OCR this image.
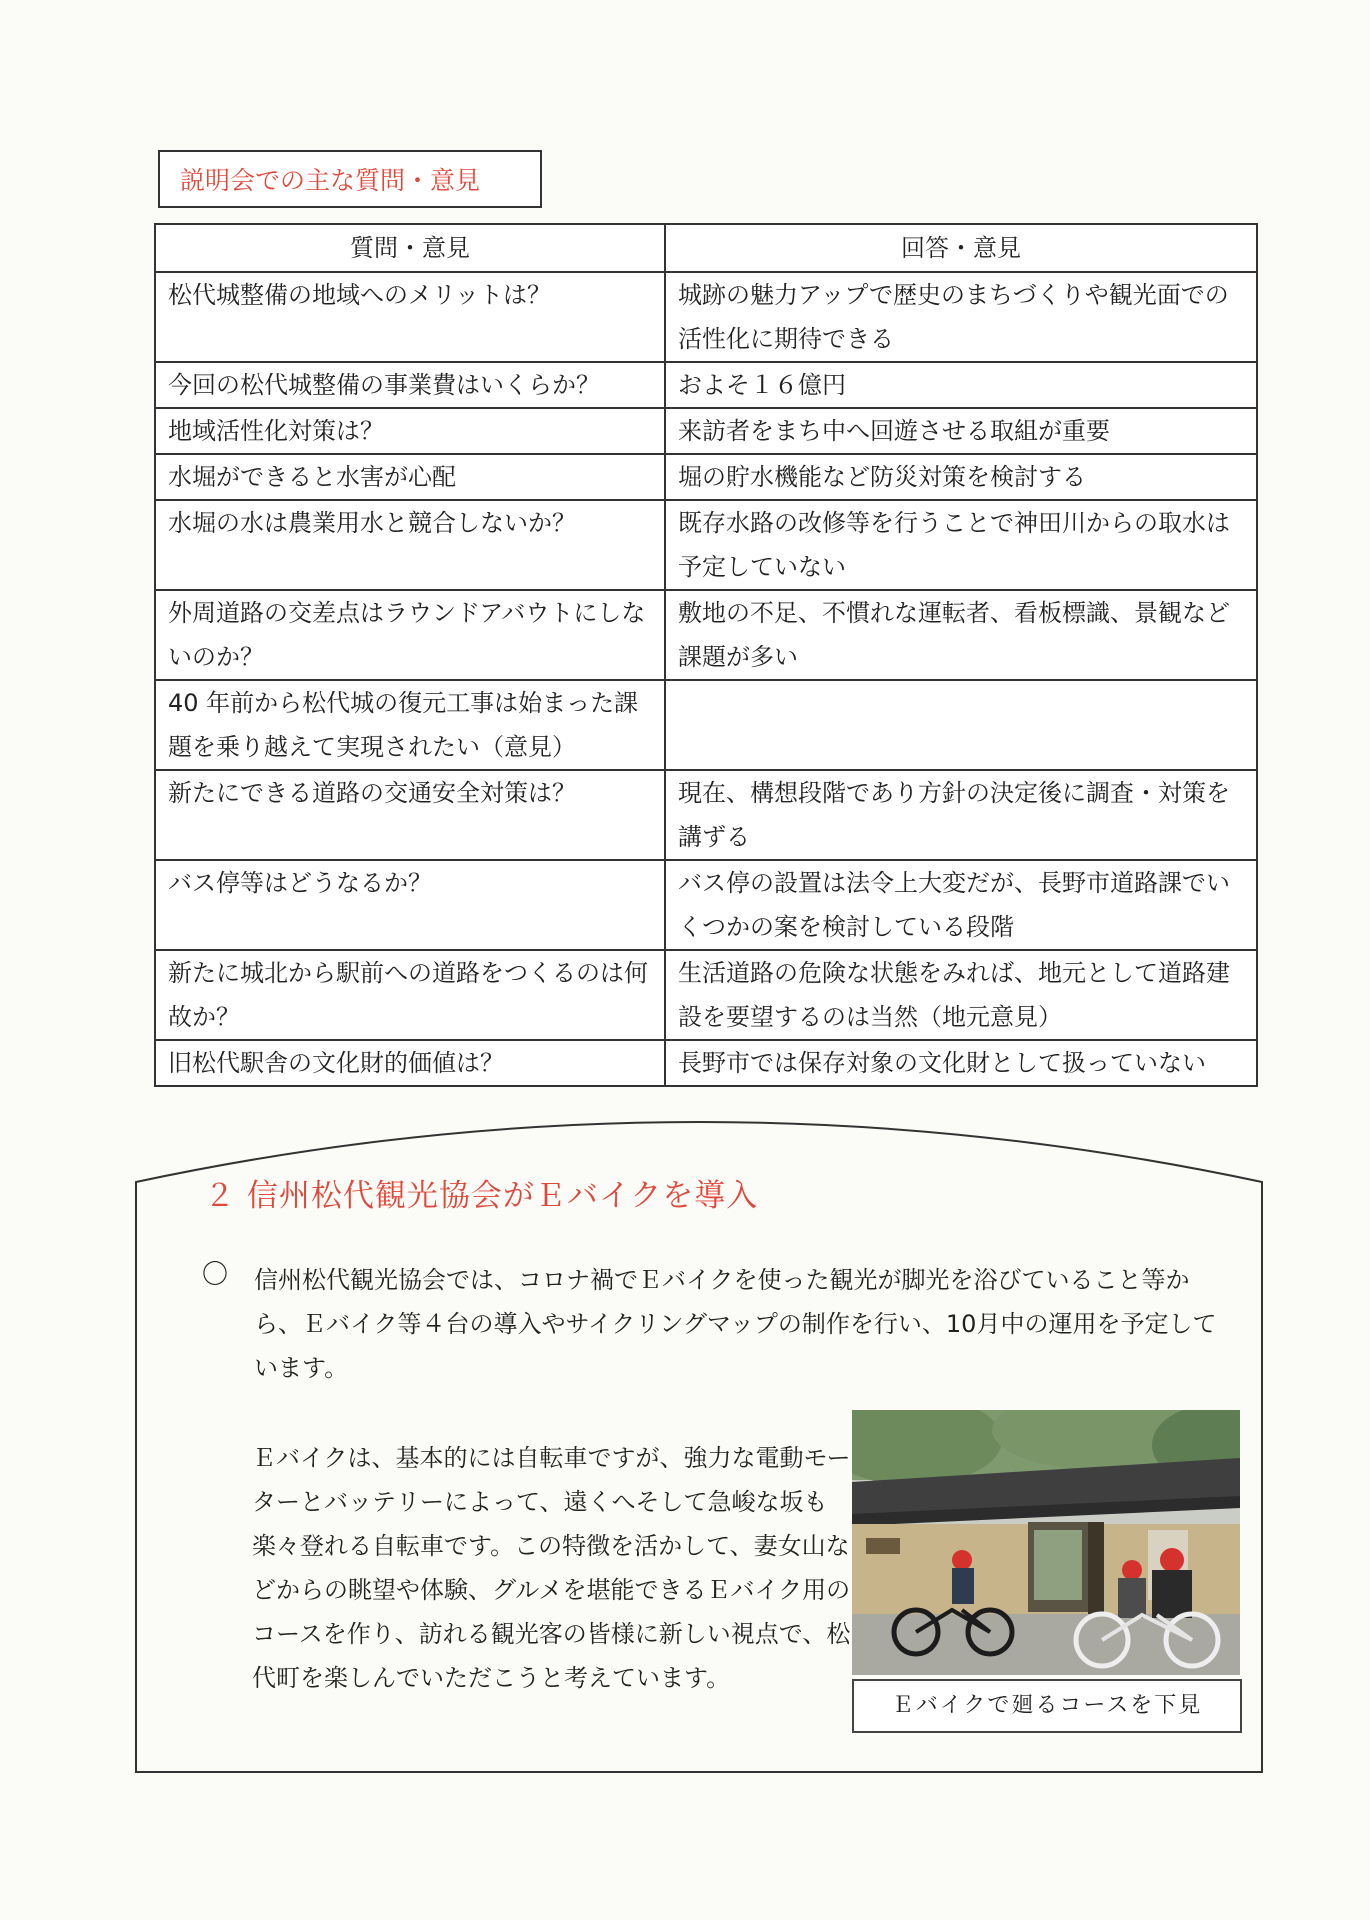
説明会での主な質問・意見
質問・意見	回答・意見
松代城整備の地域へのメリットは？	城跡の魅力アップで歴史のまちづくりや観光面での活性化に期待できる
今回の松代城整備の事業費はいくらか？	およそ１６億円
地域活性化対策は？	来訪者をまち中へ回遊させる取組が重要
水堀ができると水害が心配	堀の貯水機能など防災対策を検討する
水堀の水は農業用水と競合しないか？	既存水路の改修等を行うことで神田川からの取水は予定していない
外周道路の交差点はラウンドアバウトにしないのか？	敷地の不足、不慣れな運転者、看板標識、景観など課題が多い
40 年前から松代城の復元工事は始まった課題を乗り越えて実現されたい（意見）	
新たにできる道路の交通安全対策は？	現在、構想段階であり方針の決定後に調査・対策を講ずる
バス停等はどうなるか？	バス停の設置は法令上大変だが、長野市道路課でいくつかの案を検討している段階
新たに城北から駅前への道路をつくるのは何故か？	生活道路の危険な状態をみれば、地元として道路建設を要望するのは当然（地元意見）
旧松代駅舎の文化財的価値は？	長野市では保存対象の文化財として扱っていない
２ 信州松代観光協会がＥバイクを導入
〇 信州松代観光協会では、コロナ禍でＥバイクを使った観光が脚光を浴びていること等から、Ｅバイク等４台の導入やサイクリングマップの制作を行い、10月中の運用を予定しています。

Ｅバイクは、基本的には自転車ですが、強力な電動モーターとバッテリーによって、遠くへそして急峻な坂も楽々登れる自転車です。この特徴を活かして、妻女山などからの眺望や体験、グルメを堪能できるＥバイク用のコースを作り、訪れる観光客の皆様に新しい視点で、松代町を楽しんでいただこうと考えています。

Ｅバイクで廻るコースを下見
